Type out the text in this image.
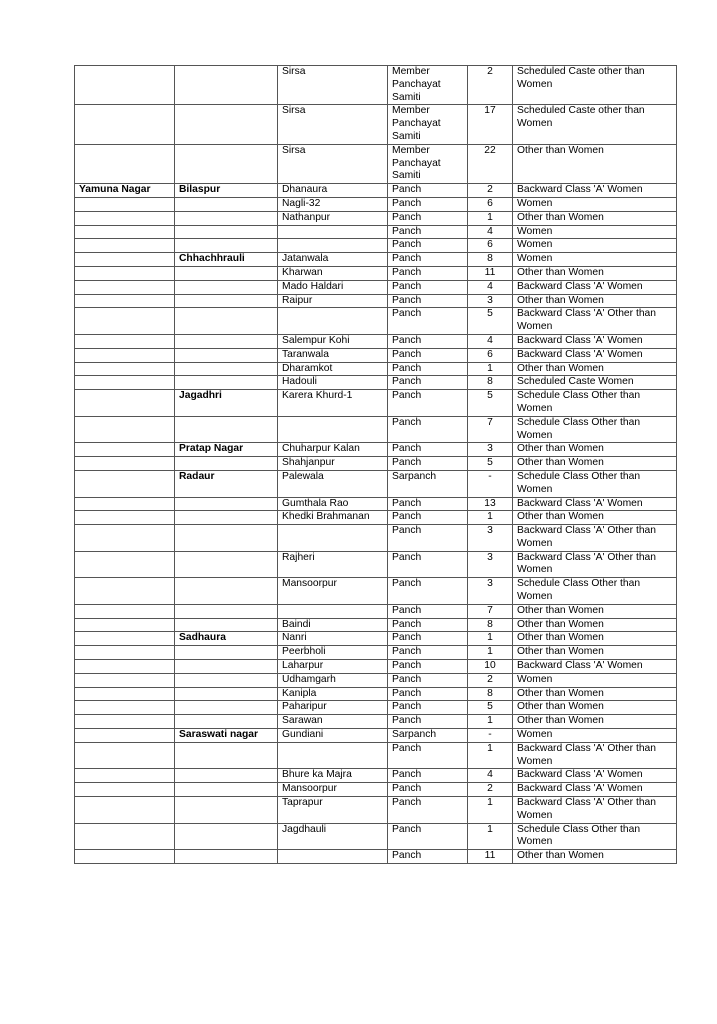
		Sirsa	Member Panchayat Samiti	2	Scheduled Caste other than Women
		Sirsa	Member Panchayat Samiti	17	Scheduled Caste other than Women
		Sirsa	Member Panchayat Samiti	22	Other than Women
Yamuna Nagar	Bilaspur	Dhanaura	Panch	2	Backward Class 'A' Women
		Nagli-32	Panch	6	Women
		Nathanpur	Panch	1	Other than Women
			Panch	4	Women
			Panch	6	Women
	Chhachhrauli	Jatanwala	Panch	8	Women
		Kharwan	Panch	11	Other than Women
		Mado Haldari	Panch	4	Backward Class 'A' Women
		Raipur	Panch	3	Other than Women
			Panch	5	Backward Class 'A' Other than Women
		Salempur Kohi	Panch	4	Backward Class 'A' Women
		Taranwala	Panch	6	Backward Class 'A' Women
		Dharamkot	Panch	1	Other than Women
		Hadouli	Panch	8	Scheduled Caste Women
	Jagadhri	Karera Khurd-1	Panch	5	Schedule Class Other than Women
			Panch	7	Schedule Class Other than Women
	Pratap Nagar	Chuharpur Kalan	Panch	3	Other than Women
		Shahjanpur	Panch	5	Other than Women
	Radaur	Palewala	Sarpanch	-	Schedule Class Other than Women
		Gumthala Rao	Panch	13	Backward Class 'A' Women
		Khedki Brahmanan	Panch	1	Other than Women
			Panch	3	Backward Class 'A' Other than Women
		Rajheri	Panch	3	Backward Class 'A' Other than Women
		Mansoorpur	Panch	3	Schedule Class Other than Women
			Panch	7	Other than Women
		Baindi	Panch	8	Other than Women
	Sadhaura	Nanri	Panch	1	Other than Women
		Peerbholi	Panch	1	Other than Women
		Laharpur	Panch	10	Backward Class 'A' Women
		Udhamgarh	Panch	2	Women
		Kanipla	Panch	8	Other than Women
		Paharipur	Panch	5	Other than Women
		Sarawan	Panch	1	Other than Women
	Saraswati nagar	Gundiani	Sarpanch	-	Women
			Panch	1	Backward Class 'A' Other than Women
		Bhure ka Majra	Panch	4	Backward Class 'A' Women
		Mansoorpur	Panch	2	Backward Class 'A' Women
		Taprapur	Panch	1	Backward Class 'A' Other than Women
		Jagdhauli	Panch	1	Schedule Class Other than Women
			Panch	11	Other than Women
